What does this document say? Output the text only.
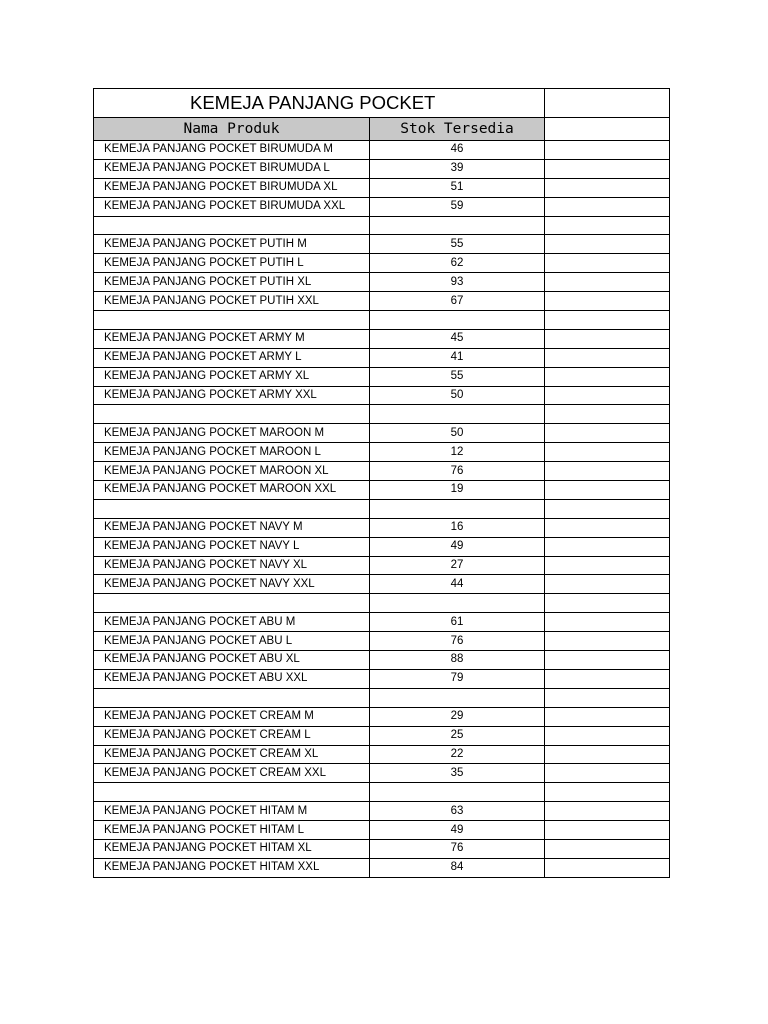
KEMEJA PANJANG POCKET		
Nama Produk	Stok Tersedia	
KEMEJA PANJANG POCKET BIRUMUDA M	46	
KEMEJA PANJANG POCKET BIRUMUDA L	39	
KEMEJA PANJANG POCKET BIRUMUDA XL	51	
KEMEJA PANJANG POCKET BIRUMUDA XXL	59	

KEMEJA PANJANG POCKET PUTIH M	55	
KEMEJA PANJANG POCKET PUTIH L	62	
KEMEJA PANJANG POCKET PUTIH XL	93	
KEMEJA PANJANG POCKET PUTIH XXL	67	

KEMEJA PANJANG POCKET ARMY M	45	
KEMEJA PANJANG POCKET ARMY L	41	
KEMEJA PANJANG POCKET ARMY XL	55	
KEMEJA PANJANG POCKET ARMY XXL	50	

KEMEJA PANJANG POCKET MAROON M	50	
KEMEJA PANJANG POCKET MAROON L	12	
KEMEJA PANJANG POCKET MAROON XL	76	
KEMEJA PANJANG POCKET MAROON XXL	19	

KEMEJA PANJANG POCKET NAVY M	16	
KEMEJA PANJANG POCKET NAVY L	49	
KEMEJA PANJANG POCKET NAVY XL	27	
KEMEJA PANJANG POCKET NAVY XXL	44	

KEMEJA PANJANG POCKET ABU M	61	
KEMEJA PANJANG POCKET ABU L	76	
KEMEJA PANJANG POCKET ABU XL	88	
KEMEJA PANJANG POCKET ABU XXL	79	

KEMEJA PANJANG POCKET CREAM M	29	
KEMEJA PANJANG POCKET CREAM L	25	
KEMEJA PANJANG POCKET CREAM XL	22	
KEMEJA PANJANG POCKET CREAM XXL	35	

KEMEJA PANJANG POCKET HITAM M	63	
KEMEJA PANJANG POCKET HITAM L	49	
KEMEJA PANJANG POCKET HITAM XL	76	
KEMEJA PANJANG POCKET HITAM XXL	84	
